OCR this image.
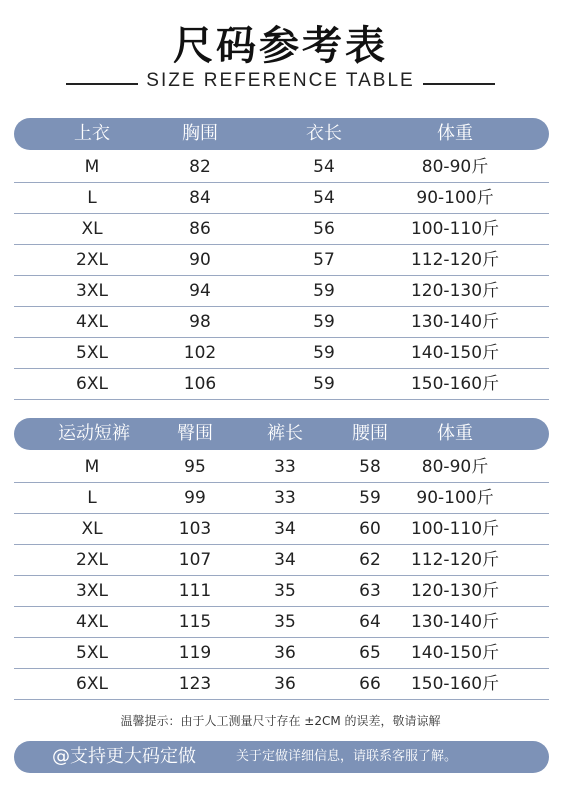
尺码参考表
SIZE REFERENCE TABLE
上衣	胸围	衣长	体重
M	82	54	80-90斤
L	84	54	90-100斤
XL	86	56	100-110斤
2XL	90	57	112-120斤
3XL	94	59	120-130斤
4XL	98	59	130-140斤
5XL	102	59	140-150斤
6XL	106	59	150-160斤
运动短裤	臀围	裤长	腰围	体重
M	95	33	58 80-90斤
L	99	33	59 90-100斤
XL	103	34	60 100-110斤
2XL	107	34	62 112-120斤
3XL	111	35	63 120-130斤
4XL	115	35	64 130-140斤
5XL	119	36	65 140-150斤
6XL	123	36	66 150-160斤
温馨提示：由于人工测量尺寸存在 ±2CM 的误差，敬请谅解
@支持更大码定做	关于定做详细信息，请联系客服了解。
